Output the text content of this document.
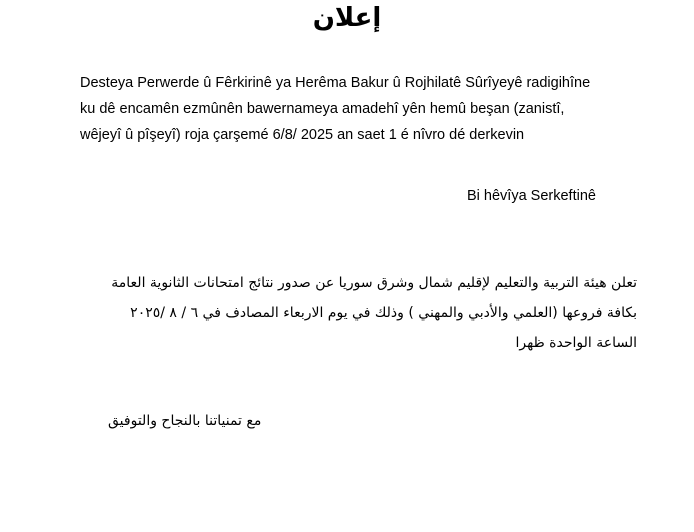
إعلان
Desteya Perwerde û Fêrkirinê ya Herêma Bakur û Rojhilatê Sûrîyeyê radigihîne
ku dê encamên ezmûnên bawernameya amadehî yên hemû beşan (zanistî,
wêjeyî û pîşeyî) roja çarşemé 6/8/ 2025 an saet 1 é nîvro dé derkevin
Bi hêvîya Serkeftinê
تعلن هيئة التربية والتعليم لإقليم شمال وشرق سوريا عن صدور نتائج امتحانات الثانوية العامة
بكافة فروعها (العلمي والأدبي والمهني ) وذلك في يوم الاربعاء المصادف في ٦ / ٨ /٢٠٢٥
الساعة الواحدة ظهرا
مع تمنياتنا بالنجاح والتوفيق
